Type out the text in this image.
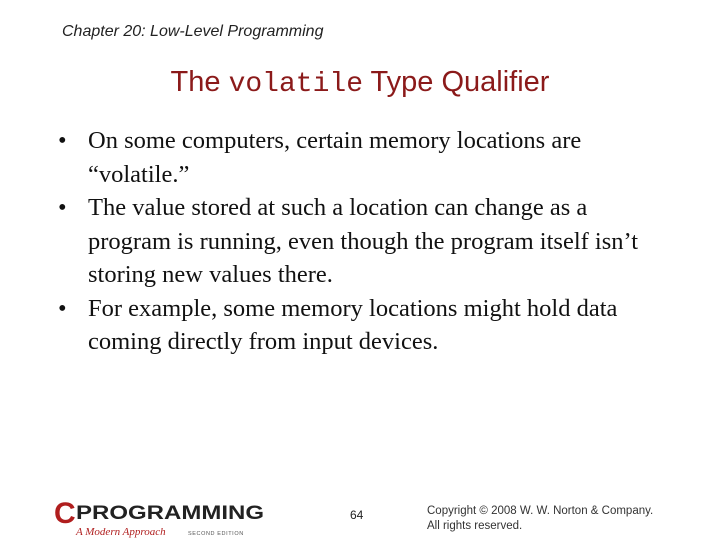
Chapter 20: Low-Level Programming
The volatile Type Qualifier
• On some computers, certain memory locations are “volatile.”
• The value stored at such a location can change as a program is running, even though the program itself isn’t storing new values there.
• For example, some memory locations might hold data coming directly from input devices.
C PROGRAMMING
A Modern Approach	SECOND EDITION
64	Copyright © 2008 W. W. Norton & Company.
All rights reserved.
